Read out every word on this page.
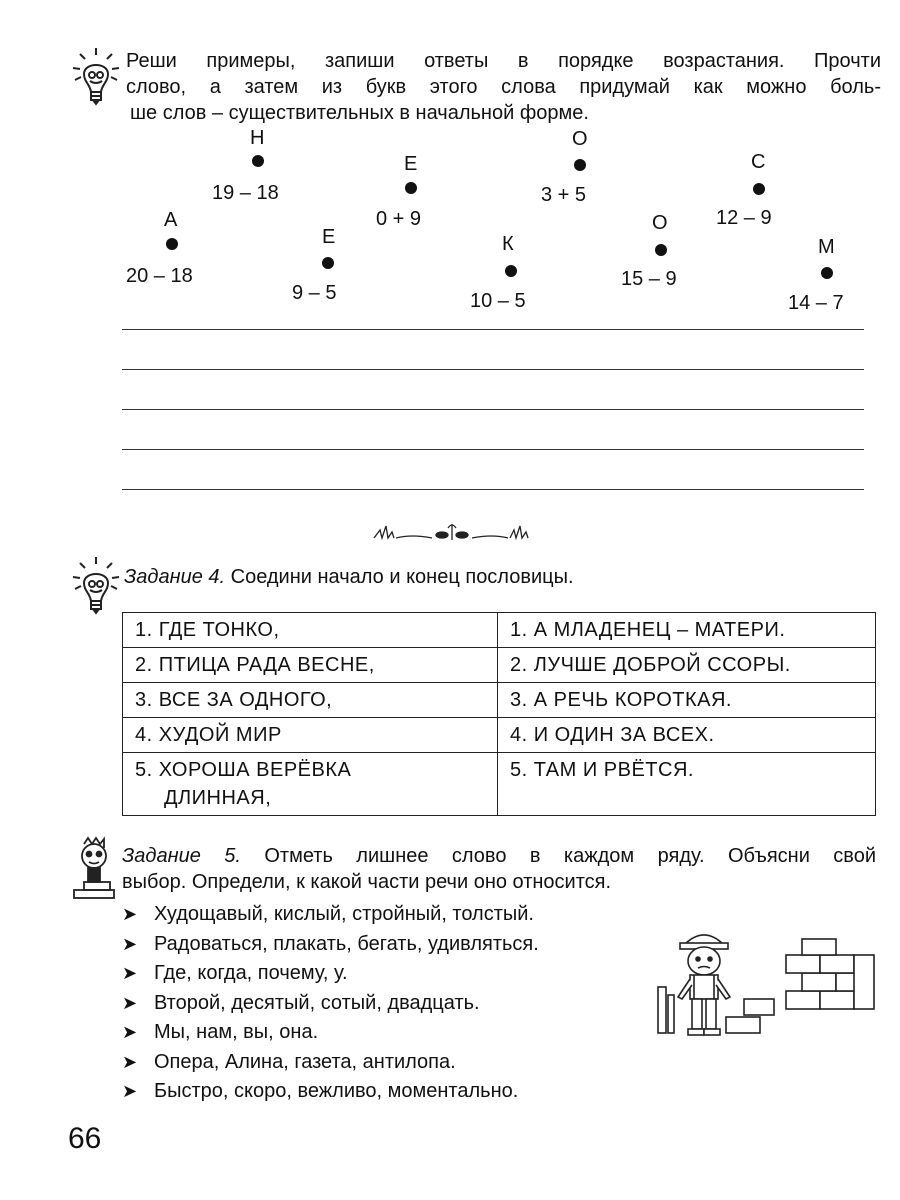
Реши примеры, запиши ответы в порядке возрастания. Прочти
слово, а затем из букв этого слова придумай как можно боль-
ше слов – существительных в начальной форме.
Н
19 – 18
Е
0 + 9
О
3 + 5
С
12 – 9
А
20 – 18
Е
9 – 5
К
10 – 5
О
15 – 9
М
14 – 7
Задание 4. Соедини начало и конец пословицы.
1. ГДЕ ТОНКО,	1. А МЛАДЕНЕЦ – МАТЕРИ.
2. ПТИЦА РАДА ВЕСНЕ,	2. ЛУЧШЕ ДОБРОЙ ССОРЫ.
3. ВСЕ ЗА ОДНОГО,	3. А РЕЧЬ КОРОТКАЯ.
4. ХУДОЙ МИР	4. И ОДИН ЗА ВСЕХ.

5. ХОРОША ВЕРЁВКА
ДЛИННАЯ,	5. ТАМ И РВЁТСЯ.
Задание 5. Отметь лишнее слово в каждом ряду. Объясни свой
выбор. Определи, к какой части речи оно относится.
➤ Худощавый, кислый, стройный, толстый.
➤ Радоваться, плакать, бегать, удивляться.
➤ Где, когда, почему, у.
➤ Второй, десятый, сотый, двадцать.
➤ Мы, нам, вы, она.
➤ Опера, Алина, газета, антилопа.
➤ Быстро, скоро, вежливо, моментально.
66
